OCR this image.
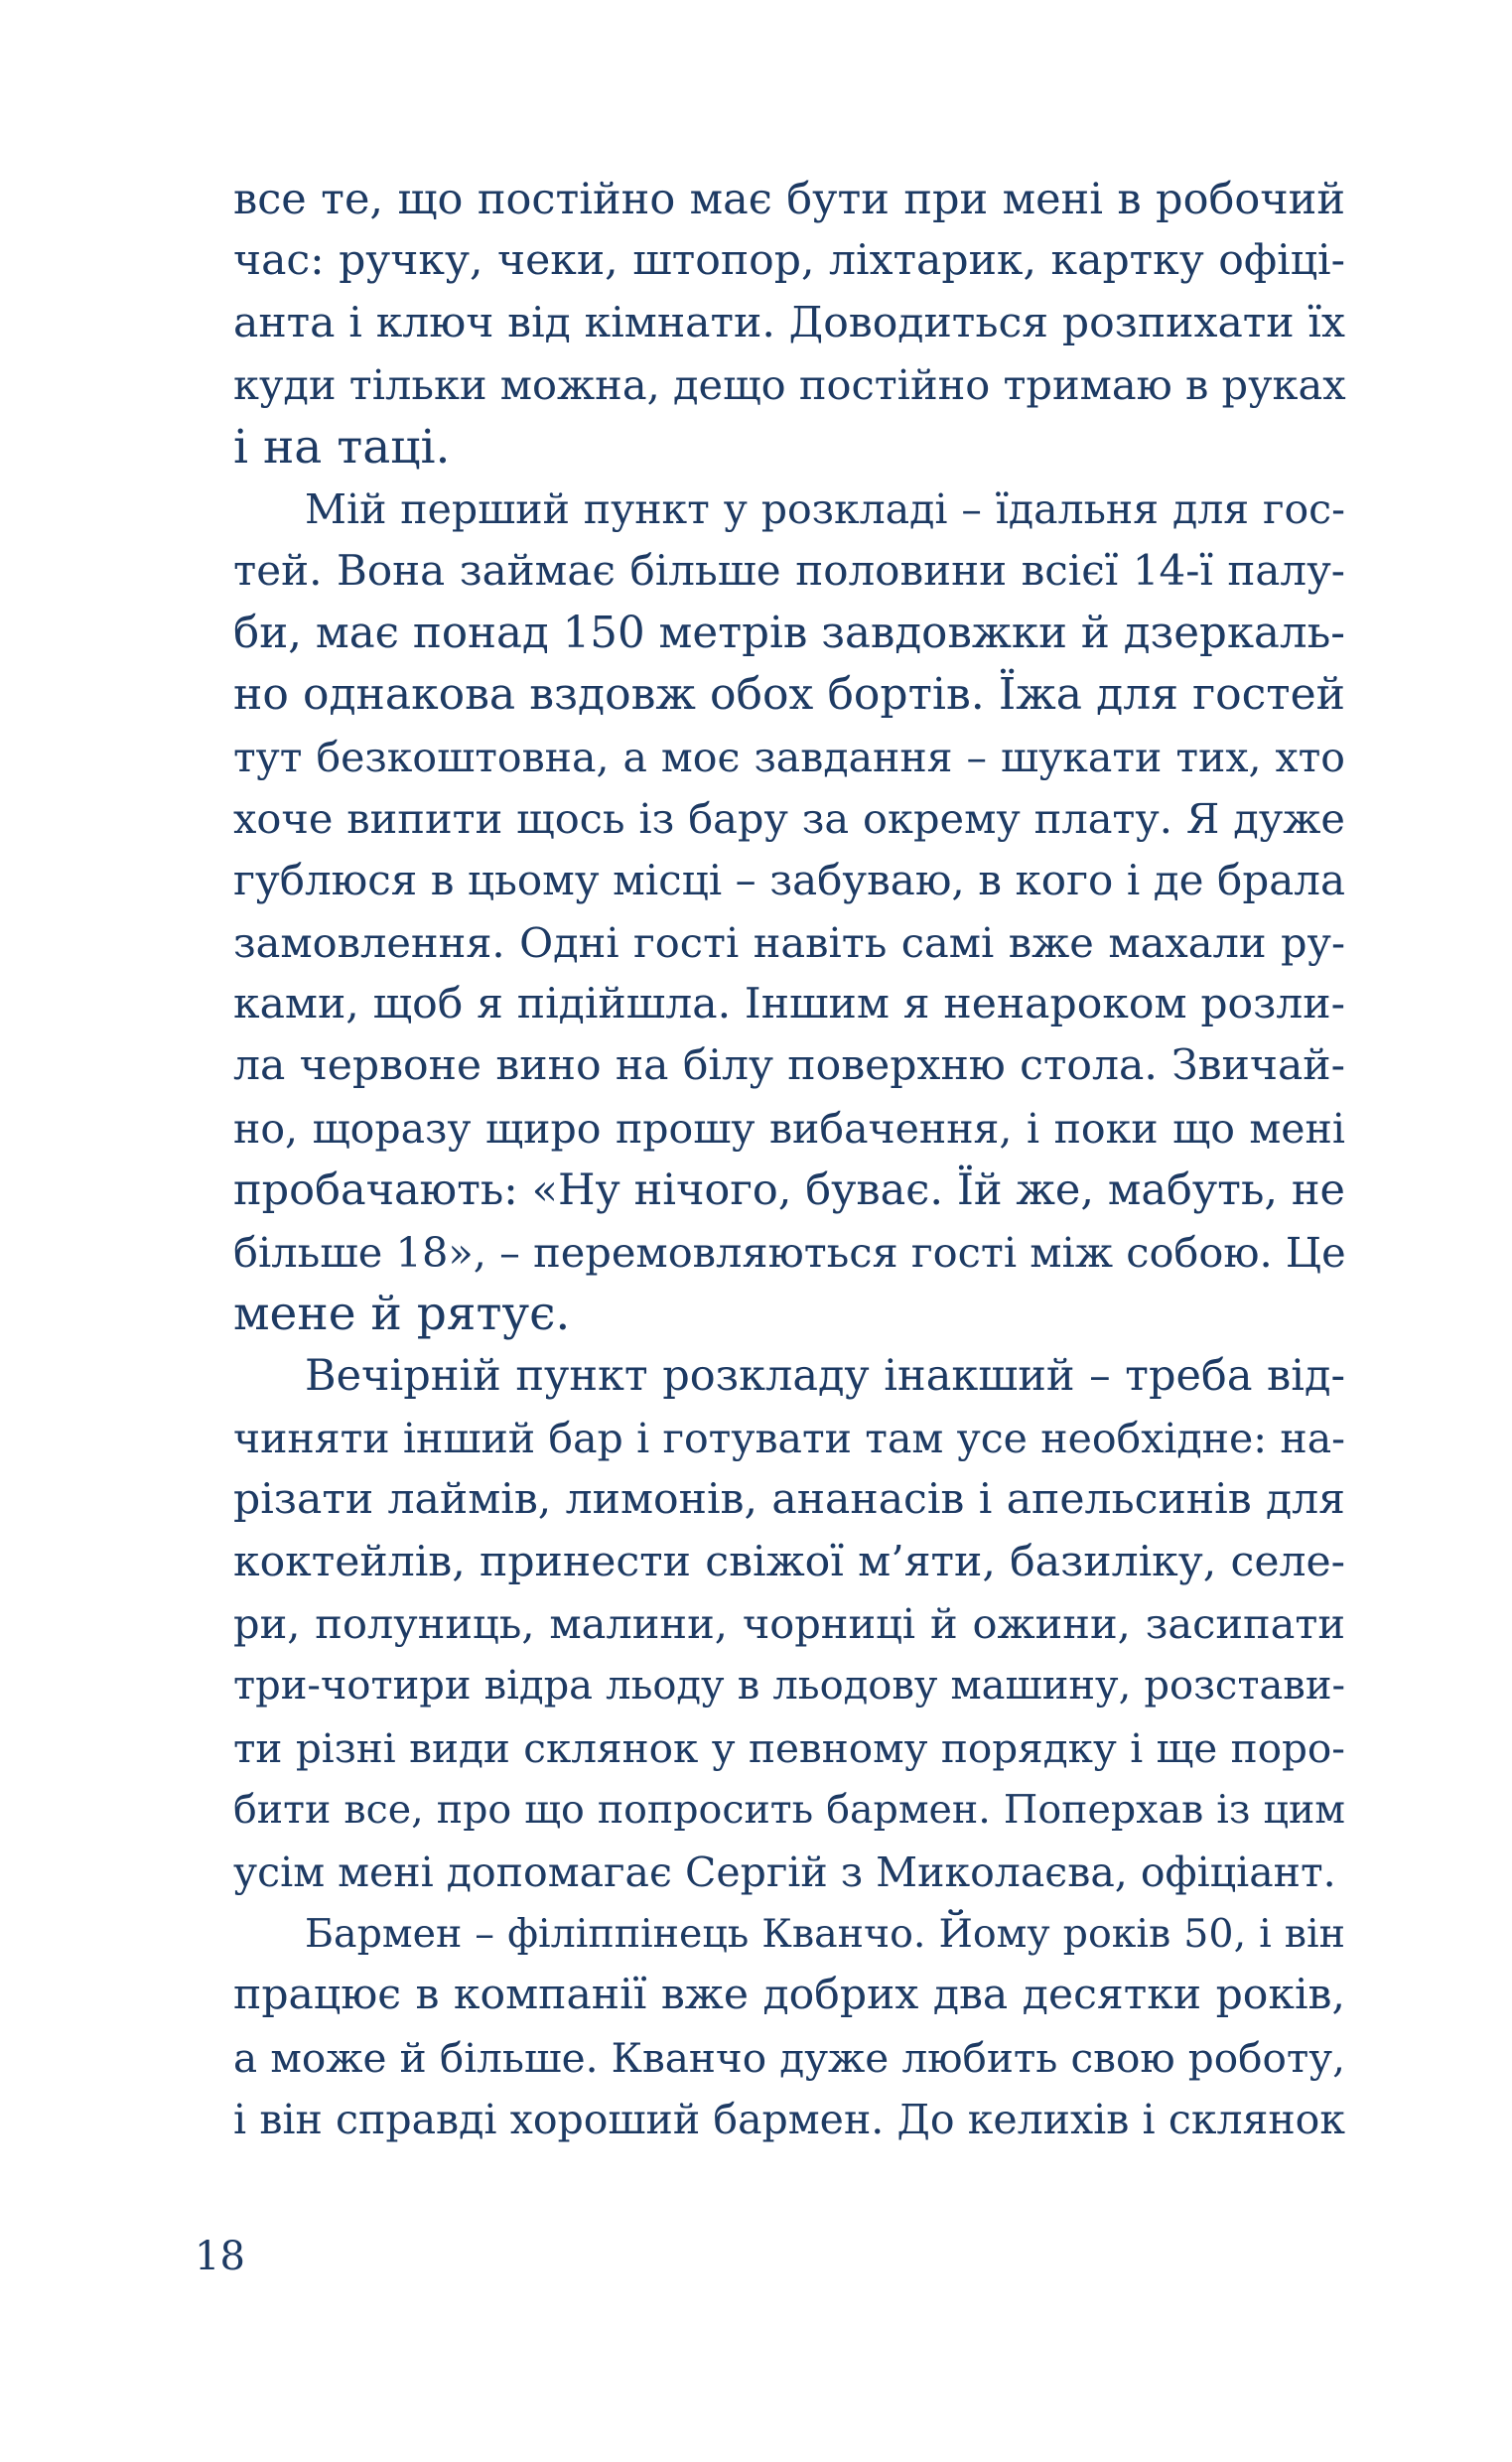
все те, що постійно має бути при мені в робочий
час: ручку, чеки, штопор, ліхтарик, картку офіці-
анта і ключ від кімнати. Доводиться розпихати їх
куди тільки можна, дещо постійно тримаю в руках
і на таці.
Мій перший пункт у розкладі – їдальня для гос-
тей. Вона займає більше половини всієї 14-ї палу-
би, має понад 150 метрів завдовжки й дзеркаль-
но однакова вздовж обох бортів. Їжа для гостей
тут безкоштовна, а моє завдання – шукати тих, хто
хоче випити щось із бару за окрему плату. Я дуже
гублюся в цьому місці – забуваю, в кого і де брала
замовлення. Одні гості навіть самі вже махали ру-
ками, щоб я підійшла. Іншим я ненароком розли-
ла червоне вино на білу поверхню стола. Звичай-
но, щоразу щиро прошу вибачення, і поки що мені
пробачають: «Ну нічого, буває. Їй же, мабуть, не
більше 18», – перемовляються гості між собою. Це
мене й рятує.
Вечірній пункт розкладу інакший – треба від-
чиняти інший бар і готувати там усе необхідне: на-
різати лаймів, лимонів, ананасів і апельсинів для
коктейлів, принести свіжої м’яти, базиліку, селе-
ри, полуниць, малини, чорниці й ожини, засипати
три-чотири відра льоду в льодову машину, розстави-
ти різні види склянок у певному порядку і ще поро-
бити все, про що попросить бармен. Поперхав із цим
усім мені допомагає Сергій з Миколаєва, офіціант.
Бармен – філіппінець Кванчо. Йому років 50, і він
працює в компанії вже добрих два десятки років,
а може й більше. Кванчо дуже любить свою роботу,
і він справді хороший бармен. До келихів і склянок
18
